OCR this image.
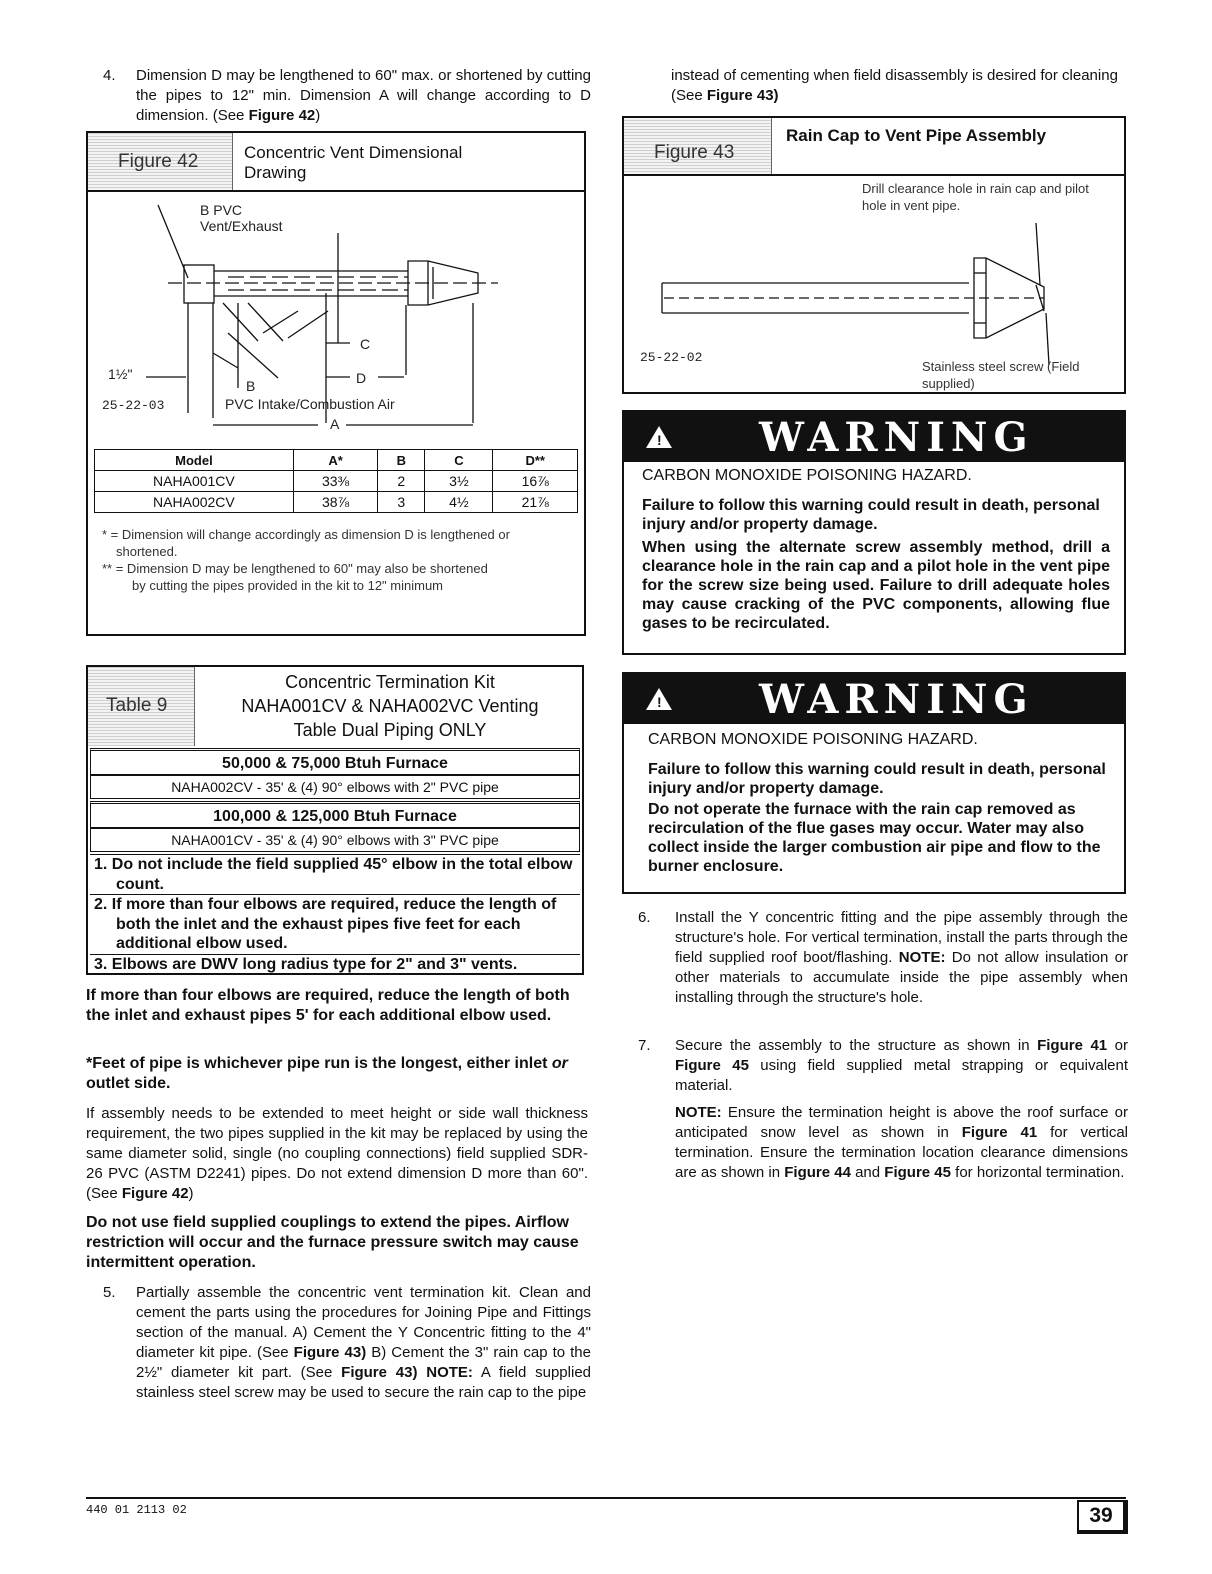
4. Dimension D may be lengthened to 60" max. or shortened by cutting the pipes to 12" min. Dimension A will change according to D dimension. (See Figure 42)
Figure 42	Concentric Vent Dimensional Drawing
B PVC
Vent/Exhaust
C
D
B
PVC Intake/Combustion Air
A
1½"
25-22-03
Model	A*	B	C	D**
NAHA001CV	33⅜	2	3½	16⅞
NAHA002CV	38⅞	3	4½	21⅞
* = Dimension will change accordingly as dimension D is lengthened or shortened.
** = Dimension D may be lengthened to 60" may also be shortened
by cutting the pipes provided in the kit to 12" minimum
Table 9
Concentric Termination Kit
NAHA001CV & NAHA002VC Venting
Table Dual Piping ONLY
50,000 & 75,000 Btuh Furnace
NAHA002CV - 35' & (4) 90° elbows with 2" PVC pipe
100,000 & 125,000 Btuh Furnace
NAHA001CV - 35' & (4) 90° elbows with 3" PVC pipe
1. Do not include the field supplied 45° elbow in the total elbow count.
2. If more than four elbows are required, reduce the length of both the inlet and the exhaust pipes five feet for each additional elbow used.
3. Elbows are DWV long radius type for 2" and 3" vents.
If more than four elbows are required, reduce the length of both the inlet and exhaust pipes 5' for each additional elbow used.
*Feet of pipe is whichever pipe run is the longest, either inlet or outlet side.
If assembly needs to be extended to meet height or side wall thickness requirement, the two pipes supplied in the kit may be replaced by using the same diameter solid, single (no coupling connections) field supplied SDR-26 PVC (ASTM D2241) pipes. Do not extend dimension D more than 60". (See Figure 42)
Do not use field supplied couplings to extend the pipes. Airflow restriction will occur and the furnace pressure switch may cause intermittent operation.
5. Partially assemble the concentric vent termination kit. Clean and cement the parts using the procedures for Joining Pipe and Fittings section of the manual. A) Cement the Y Concentric fitting to the 4" diameter kit pipe. (See Figure 43) B) Cement the 3" rain cap to the 2½" diameter kit part. (See Figure 43) NOTE: A field supplied stainless steel screw may be used to secure the rain cap to the pipe
instead of cementing when field disassembly is desired for cleaning (See Figure 43)
Figure 43
Rain Cap to Vent Pipe Assembly
Drill clearance hole in rain cap and pilot hole in vent pipe.
25-22-02
Stainless steel screw (Field supplied)
! WARNING
CARBON MONOXIDE POISONING HAZARD.
Failure to follow this warning could result in death, personal injury and/or property damage.
When using the alternate screw assembly method, drill a clearance hole in the rain cap and a pilot hole in the vent pipe for the screw size being used. Failure to drill adequate holes may cause cracking of the PVC components, allowing flue gases to be recirculated.
! WARNING
CARBON MONOXIDE POISONING HAZARD.
Failure to follow this warning could result in death, personal injury and/or property damage.
Do not operate the furnace with the rain cap removed as recirculation of the flue gases may occur. Water may also collect inside the larger combustion air pipe and flow to the burner enclosure.
6. Install the Y concentric fitting and the pipe assembly through the structure's hole. For vertical termination, install the parts through the field supplied roof boot/flashing. NOTE: Do not allow insulation or other materials to accumulate inside the pipe assembly when installing through the structure's hole.
7. Secure the assembly to the structure as shown in Figure 41 or Figure 45 using field supplied metal strapping or equivalent material.
NOTE: Ensure the termination height is above the roof surface or anticipated snow level as shown in Figure 41 for vertical termination. Ensure the termination location clearance dimensions are as shown in Figure 44 and Figure 45 for horizontal termination.
440 01 2113 02	39
